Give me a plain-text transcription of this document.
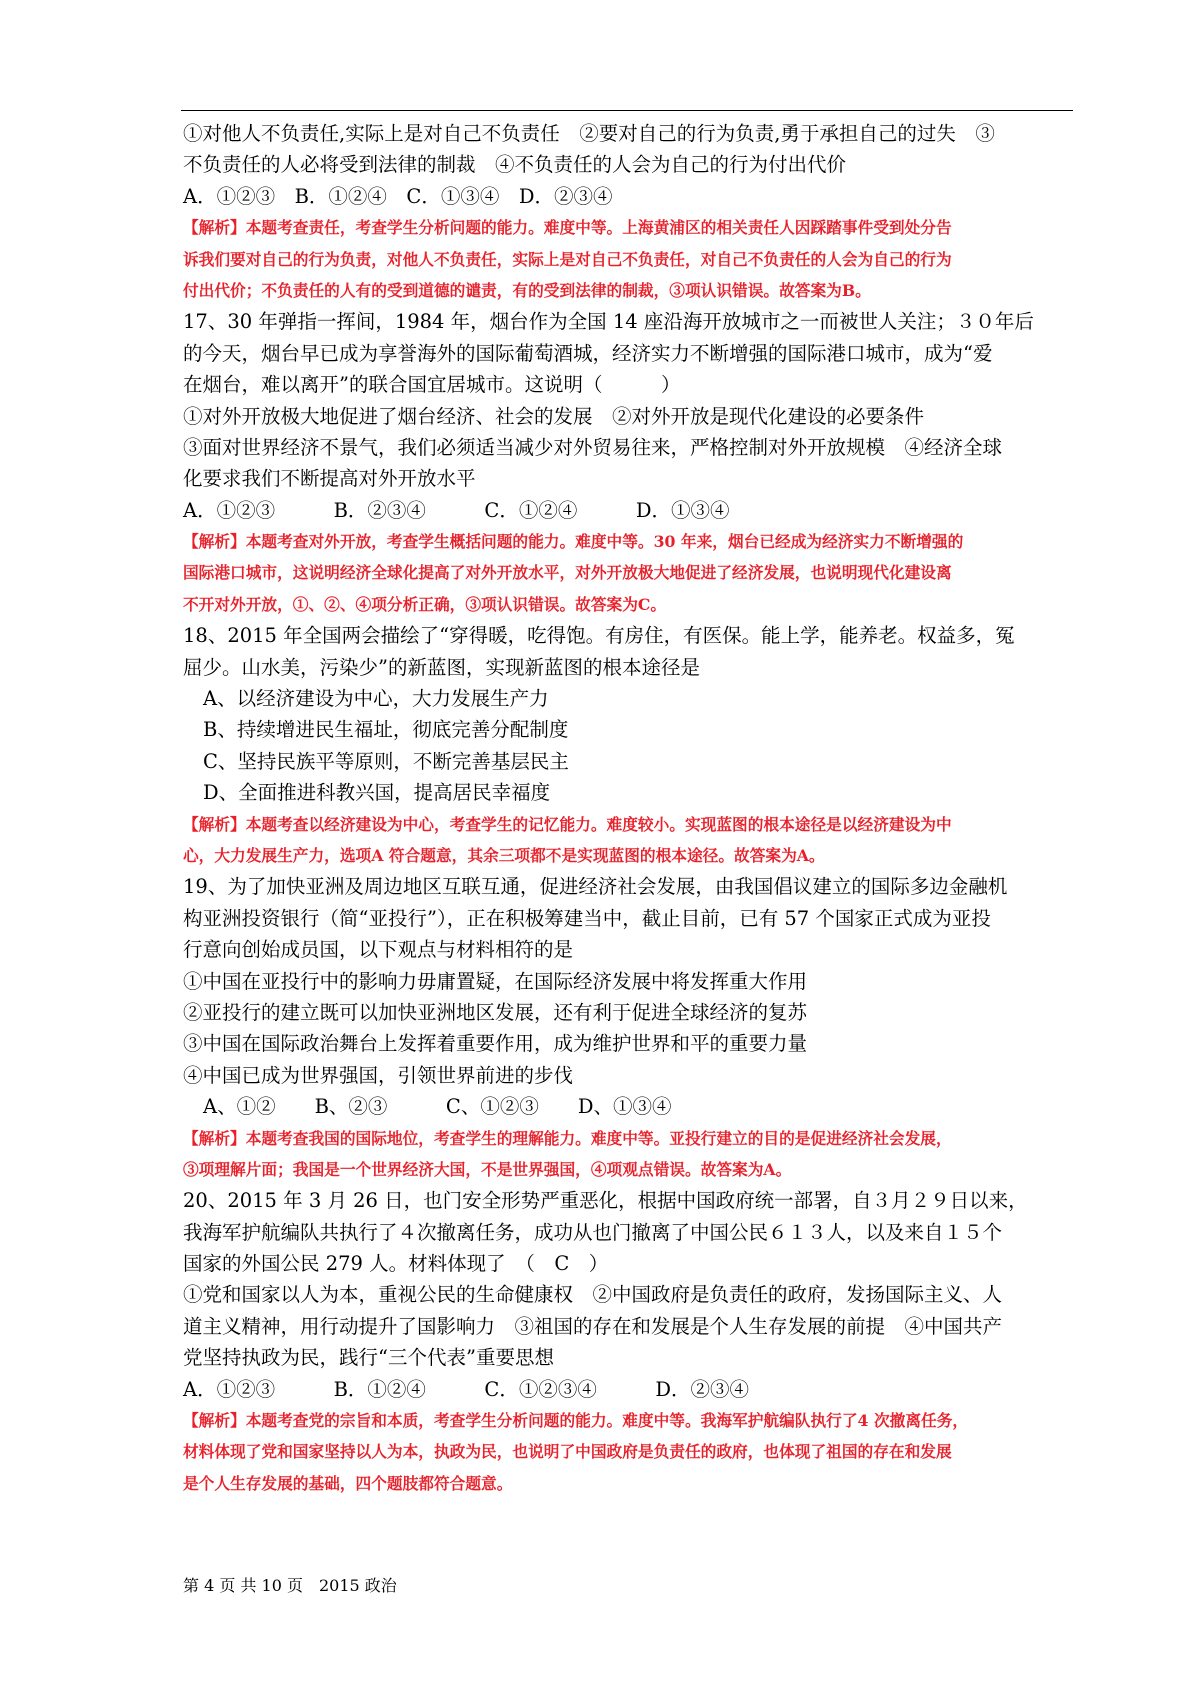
①对他人不负责任,实际上是对自己不负责任　②要对自己的行为负责,勇于承担自己的过失　③
不负责任的人必将受到法律的制裁　④不负责任的人会为自己的行为付出代价
A．①②③　B．①②④　C．①③④　D．②③④
【解析】本题考查责任，考查学生分析问题的能力。难度中等。上海黄浦区的相关责任人因踩踏事件受到处分告
诉我们要对自己的行为负责，对他人不负责任，实际上是对自己不负责任，对自己不负责任的人会为自己的行为
付出代价；不负责任的人有的受到道德的谴责，有的受到法律的制裁，③项认识错误。故答案为B。
17、30 年弹指一挥间，1984 年，烟台作为全国 14 座沿海开放城市之一而被世人关注；３０年后
的今天，烟台早已成为享誉海外的国际葡萄酒城，经济实力不断增强的国际港口城市，成为“爱
在烟台，难以离开”的联合国宜居城市。这说明（　　　）
①对外开放极大地促进了烟台经济、社会的发展　②对外开放是现代化建设的必要条件
③面对世界经济不景气，我们必须适当减少对外贸易往来，严格控制对外开放规模　④经济全球
化要求我们不断提高对外开放水平
A．①②③　　　B．②③④　　　C．①②④　　　D．①③④
【解析】本题考查对外开放，考查学生概括问题的能力。难度中等。30 年来，烟台已经成为经济实力不断增强的
国际港口城市，这说明经济全球化提高了对外开放水平，对外开放极大地促进了经济发展，也说明现代化建设离
不开对外开放，①、②、④项分析正确，③项认识错误。故答案为C。
18、2015 年全国两会描绘了“穿得暖，吃得饱。有房住，有医保。能上学，能养老。权益多，冤
屈少。山水美，污染少”的新蓝图，实现新蓝图的根本途径是
A、以经济建设为中心，大力发展生产力
B、持续增进民生福址，彻底完善分配制度
C、坚持民族平等原则，不断完善基层民主
D、全面推进科教兴国，提高居民幸福度
【解析】本题考查以经济建设为中心，考查学生的记忆能力。难度较小。实现蓝图的根本途径是以经济建设为中
心，大力发展生产力，选项A 符合题意，其余三项都不是实现蓝图的根本途径。故答案为A。
19、为了加快亚洲及周边地区互联互通，促进经济社会发展，由我国倡议建立的国际多边金融机
构亚洲投资银行（简“亚投行”），正在积极筹建当中，截止目前，已有 57 个国家正式成为亚投
行意向创始成员国，以下观点与材料相符的是
①中国在亚投行中的影响力毋庸置疑，在国际经济发展中将发挥重大作用
②亚投行的建立既可以加快亚洲地区发展，还有利于促进全球经济的复苏
③中国在国际政治舞台上发挥着重要作用，成为维护世界和平的重要力量
④中国已成为世界强国，引领世界前进的步伐
A、①②　　B、②③　　　C、①②③　　D、①③④
【解析】本题考查我国的国际地位，考查学生的理解能力。难度中等。亚投行建立的目的是促进经济社会发展，
③项理解片面；我国是一个世界经济大国，不是世界强国，④项观点错误。故答案为A。
20、2015 年 3 月 26 日，也门安全形势严重恶化，根据中国政府统一部署，自３月２９日以来，
我海军护航编队共执行了４次撤离任务，成功从也门撤离了中国公民６１３人，以及来自１５个
国家的外国公民 279 人。材料体现了　（　C　）
①党和国家以人为本，重视公民的生命健康权　②中国政府是负责任的政府，发扬国际主义、人
道主义精神，用行动提升了国影响力　③祖国的存在和发展是个人生存发展的前提　④中国共产
党坚持执政为民，践行“三个代表”重要思想
A．①②③　　　B．①②④　　　C．①②③④　　　D．②③④
【解析】本题考查党的宗旨和本质，考查学生分析问题的能力。难度中等。我海军护航编队执行了4 次撤离任务，
材料体现了党和国家坚持以人为本，执政为民，也说明了中国政府是负责任的政府，也体现了祖国的存在和发展
是个人生存发展的基础，四个题肢都符合题意。
第 4 页 共 10 页　2015 政治
